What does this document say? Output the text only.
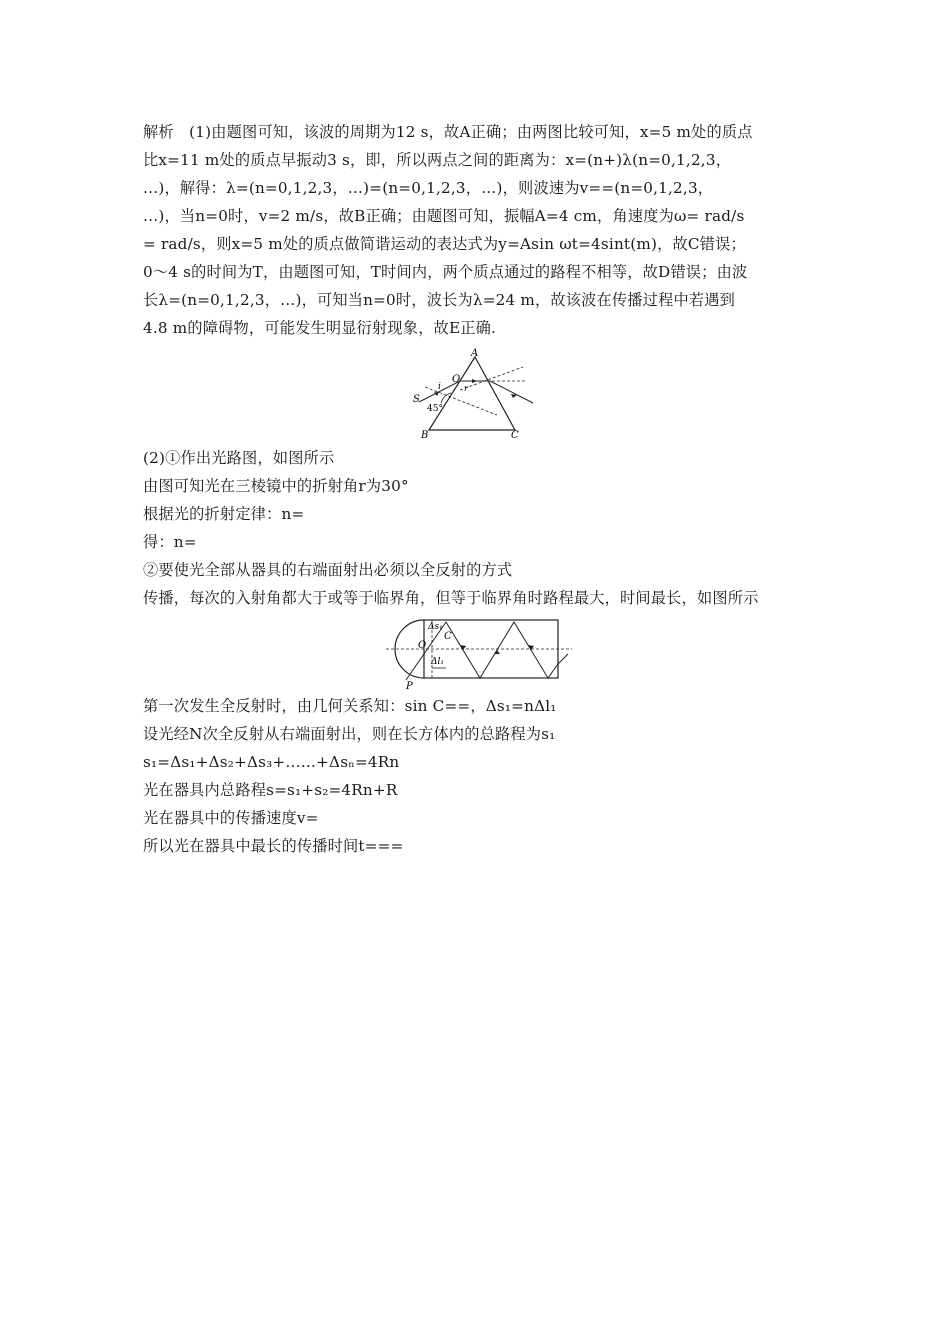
解析　(1)由题图可知，该波的周期为12 s，故A正确；由两图比较可知，x=5 m处的质点
比x=11 m处的质点早振动3 s，即，所以两点之间的距离为：x=(n+)λ(n=0,1,2,3，
…)，解得：λ=(n=0,1,2,3，…)=(n=0,1,2,3，…)，则波速为v==(n=0,1,2,3，
…)，当n=0时，v=2 m/s，故B正确；由题图可知，振幅A=4 cm，角速度为ω= rad/s
= rad/s，则x=5 m处的质点做简谐运动的表达式为y=Asin ωt=4sint(m)，故C错误；
0～4 s的时间为T，由题图可知，T时间内，两个质点通过的路程不相等，故D错误；由波
长λ=(n=0,1,2,3，…)，可知当n=0时，波长为λ=24 m，故该波在传播过程中若遇到
4.8 m的障碍物，可能发生明显衍射现象，故E正确.
A
O
i	r
S
45°
B	C
(2)①作出光路图，如图所示
由图可知光在三棱镜中的折射角r为30°
根据光的折射定律：n=
得：n=
②要使光全部从器具的右端面射出必须以全反射的方式
传播，每次的入射角都大于或等于临界角，但等于临界角时路程最大，时间最长，如图所示
Δs₁
C
O
Δl₁
P
第一次发生全反射时，由几何关系知：sin C==，Δs₁=nΔl₁
设光经N次全反射从右端面射出，则在长方体内的总路程为s₁
s₁=Δs₁+Δs₂+Δs₃+……+Δsₙ=4Rn
光在器具内总路程s=s₁+s₂=4Rn+R
光在器具中的传播速度v=
所以光在器具中最长的传播时间t===
